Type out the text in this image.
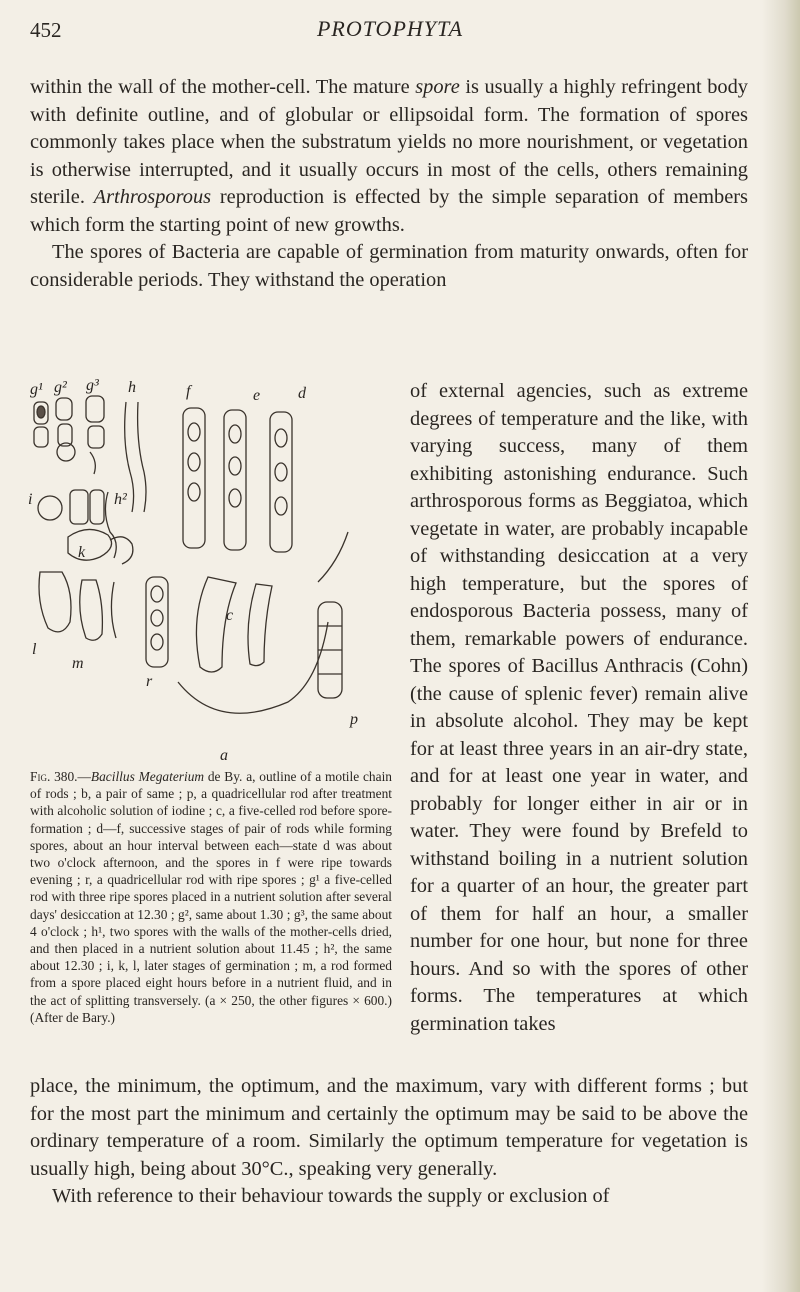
452	PROTOPHYTA

within the wall of the mother-cell. The mature spore is usually a highly refringent body with definite outline, and of globular or ellipsoidal form. The formation of spores commonly takes place when the substratum yields no more nourishment, or vegetation is otherwise interrupted, and it usually occurs in most of the cells, others remaining sterile. Arthrosporous reproduction is effected by the simple separation of members which form the starting point of new growths.

The spores of Bacteria are capable of germination from maturity onwards, often for considerable periods. They withstand the operation

g¹ g² g³ h	f	e d
i
k
h²
l
m
r
c
p
a
Fig. 380.—Bacillus Megaterium de By. a, outline of a motile chain of rods ; b, a pair of same ; p, a quadricellular rod after treatment with alcoholic solution of iodine ; c, a five-celled rod before spore-formation ; d—f, successive stages of pair of rods while forming spores, about an hour interval between each—state d was about two o'clock afternoon, and the spores in f were ripe towards evening ; r, a quadricellular rod with ripe spores ; g¹ a five-celled rod with three ripe spores placed in a nutrient solution after several days' desiccation at 12.30 ; g², same about 1.30 ; g³, the same about 4 o'clock ; h¹, two spores with the walls of the mother-cells dried, and then placed in a nutrient solution about 11.45 ; h², the same about 12.30 ; i, k, l, later stages of germination ; m, a rod formed from a spore placed eight hours before in a nutrient fluid, and in the act of splitting transversely. (a × 250, the other figures × 600.) (After de Bary.)

of external agencies, such as extreme degrees of temperature and the like, with varying success, many of them exhibiting astonishing endurance. Such arthrosporous forms as Beggiatoa, which vegetate in water, are probably incapable of withstanding desiccation at a very high temperature, but the spores of endosporous Bacteria possess, many of them, remarkable powers of endurance. The spores of Bacillus Anthracis (Cohn) (the cause of splenic fever) remain alive in absolute alcohol. They may be kept for at least three years in an air-dry state, and for at least one year in water, and probably for longer either in air or in water. They were found by Brefeld to withstand boiling in a nutrient solution for a quarter of an hour, the greater part of them for half an hour, a smaller number for one hour, but none for three hours. And so with the spores of other forms. The temperatures at which germination takes

place, the minimum, the optimum, and the maximum, vary with different forms ; but for the most part the minimum and certainly the optimum may be said to be above the ordinary temperature of a room. Similarly the optimum temperature for vegetation is usually high, being about 30°C., speaking very generally.

With reference to their behaviour towards the supply or exclusion of
